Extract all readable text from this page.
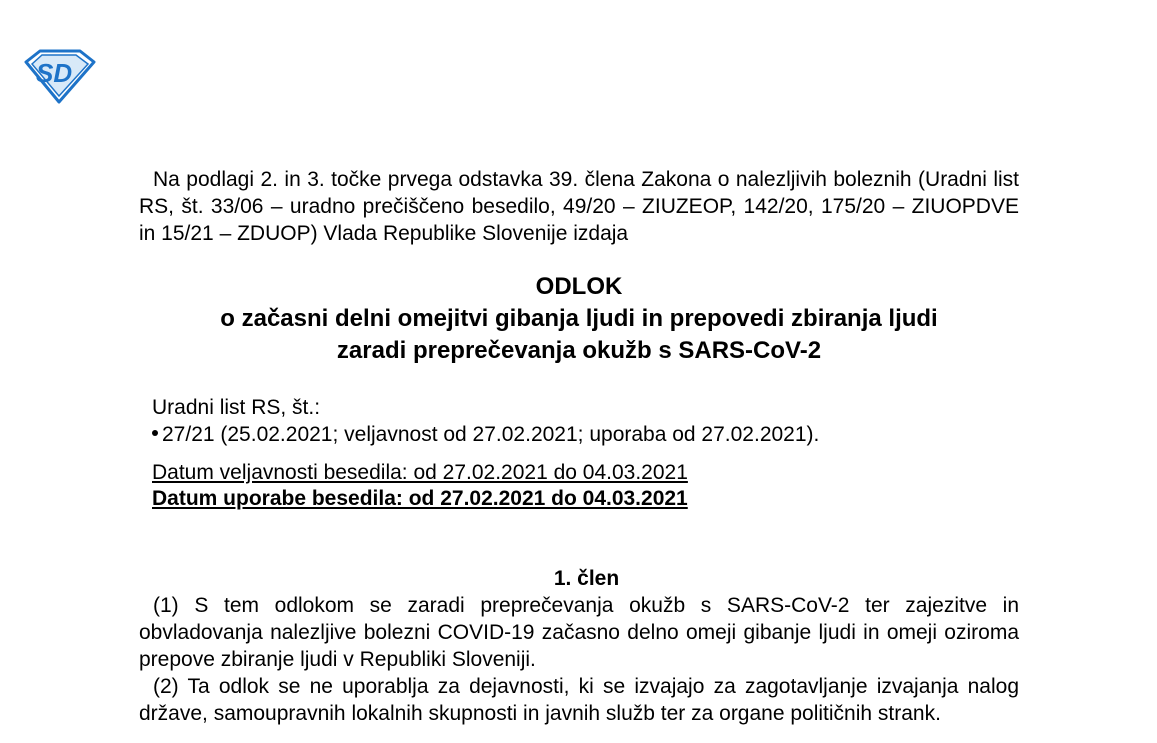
SD
Na podlagi 2. in 3. točke prvega odstavka 39. člena Zakona o nalezljivih boleznih (Uradni list RS, št. 33/06 – uradno prečiščeno besedilo, 49/20 – ZIUZEOP, 142/20, 175/20 – ZIUOPDVE in 15/21 – ZDUOP) Vlada Republike Slovenije izdaja
ODLOK
o začasni delni omejitvi gibanja ljudi in prepovedi zbiranja ljudi
zaradi preprečevanja okužb s SARS-CoV-2
Uradni list RS, št.:
27/21 (25.02.2021; veljavnost od 27.02.2021; uporaba od 27.02.2021).
Datum veljavnosti besedila: od 27.02.2021 do 04.03.2021
Datum uporabe besedila: od 27.02.2021 do 04.03.2021
1. člen

(1) S tem odlokom se zaradi preprečevanja okužb s SARS-CoV-2 ter zajezitve in obvladovanja nalezljive bolezni COVID-19 začasno delno omeji gibanje ljudi in omeji oziroma prepove zbiranje ljudi v Republiki Sloveniji.

(2) Ta odlok se ne uporablja za dejavnosti, ki se izvajajo za zagotavljanje izvajanja nalog države, samoupravnih lokalnih skupnosti in javnih služb ter za organe političnih strank.
